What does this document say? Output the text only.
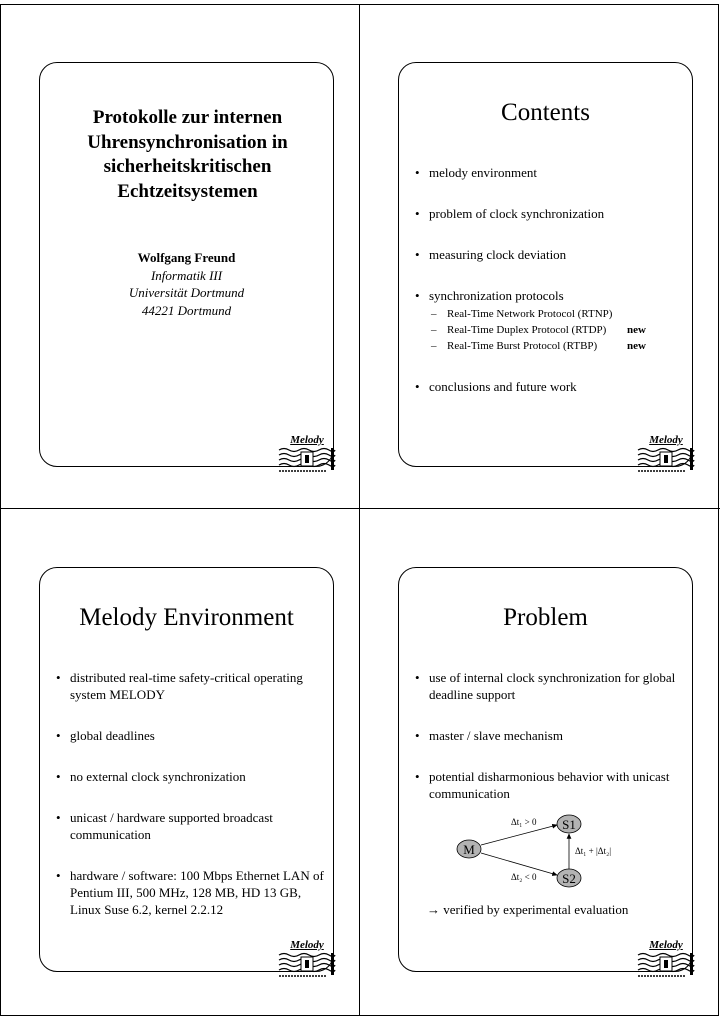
Protokolle zur internen
Uhrensynchronisation in
sicherheitskritischen
Echtzeitsystemen
Wolfgang Freund
Informatik III
Universität Dortmund
44221 Dortmund
Melody
Contents
• melody environment
• problem of clock synchronization
• measuring clock deviation
• synchronization protocols
– Real-Time Network Protocol (RTNP)
– Real-Time Duplex Protocol (RTDP) new
– Real-Time Burst Protocol (RTBP)	new
• conclusions and future work
Melody
Melody Environment
• distributed real-time safety-critical operating system MELODY
• global deadlines
• no external clock synchronization
• unicast / hardware supported broadcast communication
• hardware / software: 100 Mbps Ethernet LAN of     Pentium III, 500 MHz, 128 MB, HD 13 GB, Linux Suse 6.2, kernel 2.2.12
Melody
Problem
• use of internal clock synchronization for global deadline support
• master / slave mechanism
• potential disharmonious behavior with unicast communication
M
S1
S2
Δt₁ > 0
Δt₂ < 0
Δt₁ + |Δt₂|
→ verified by experimental evaluation
Melody
